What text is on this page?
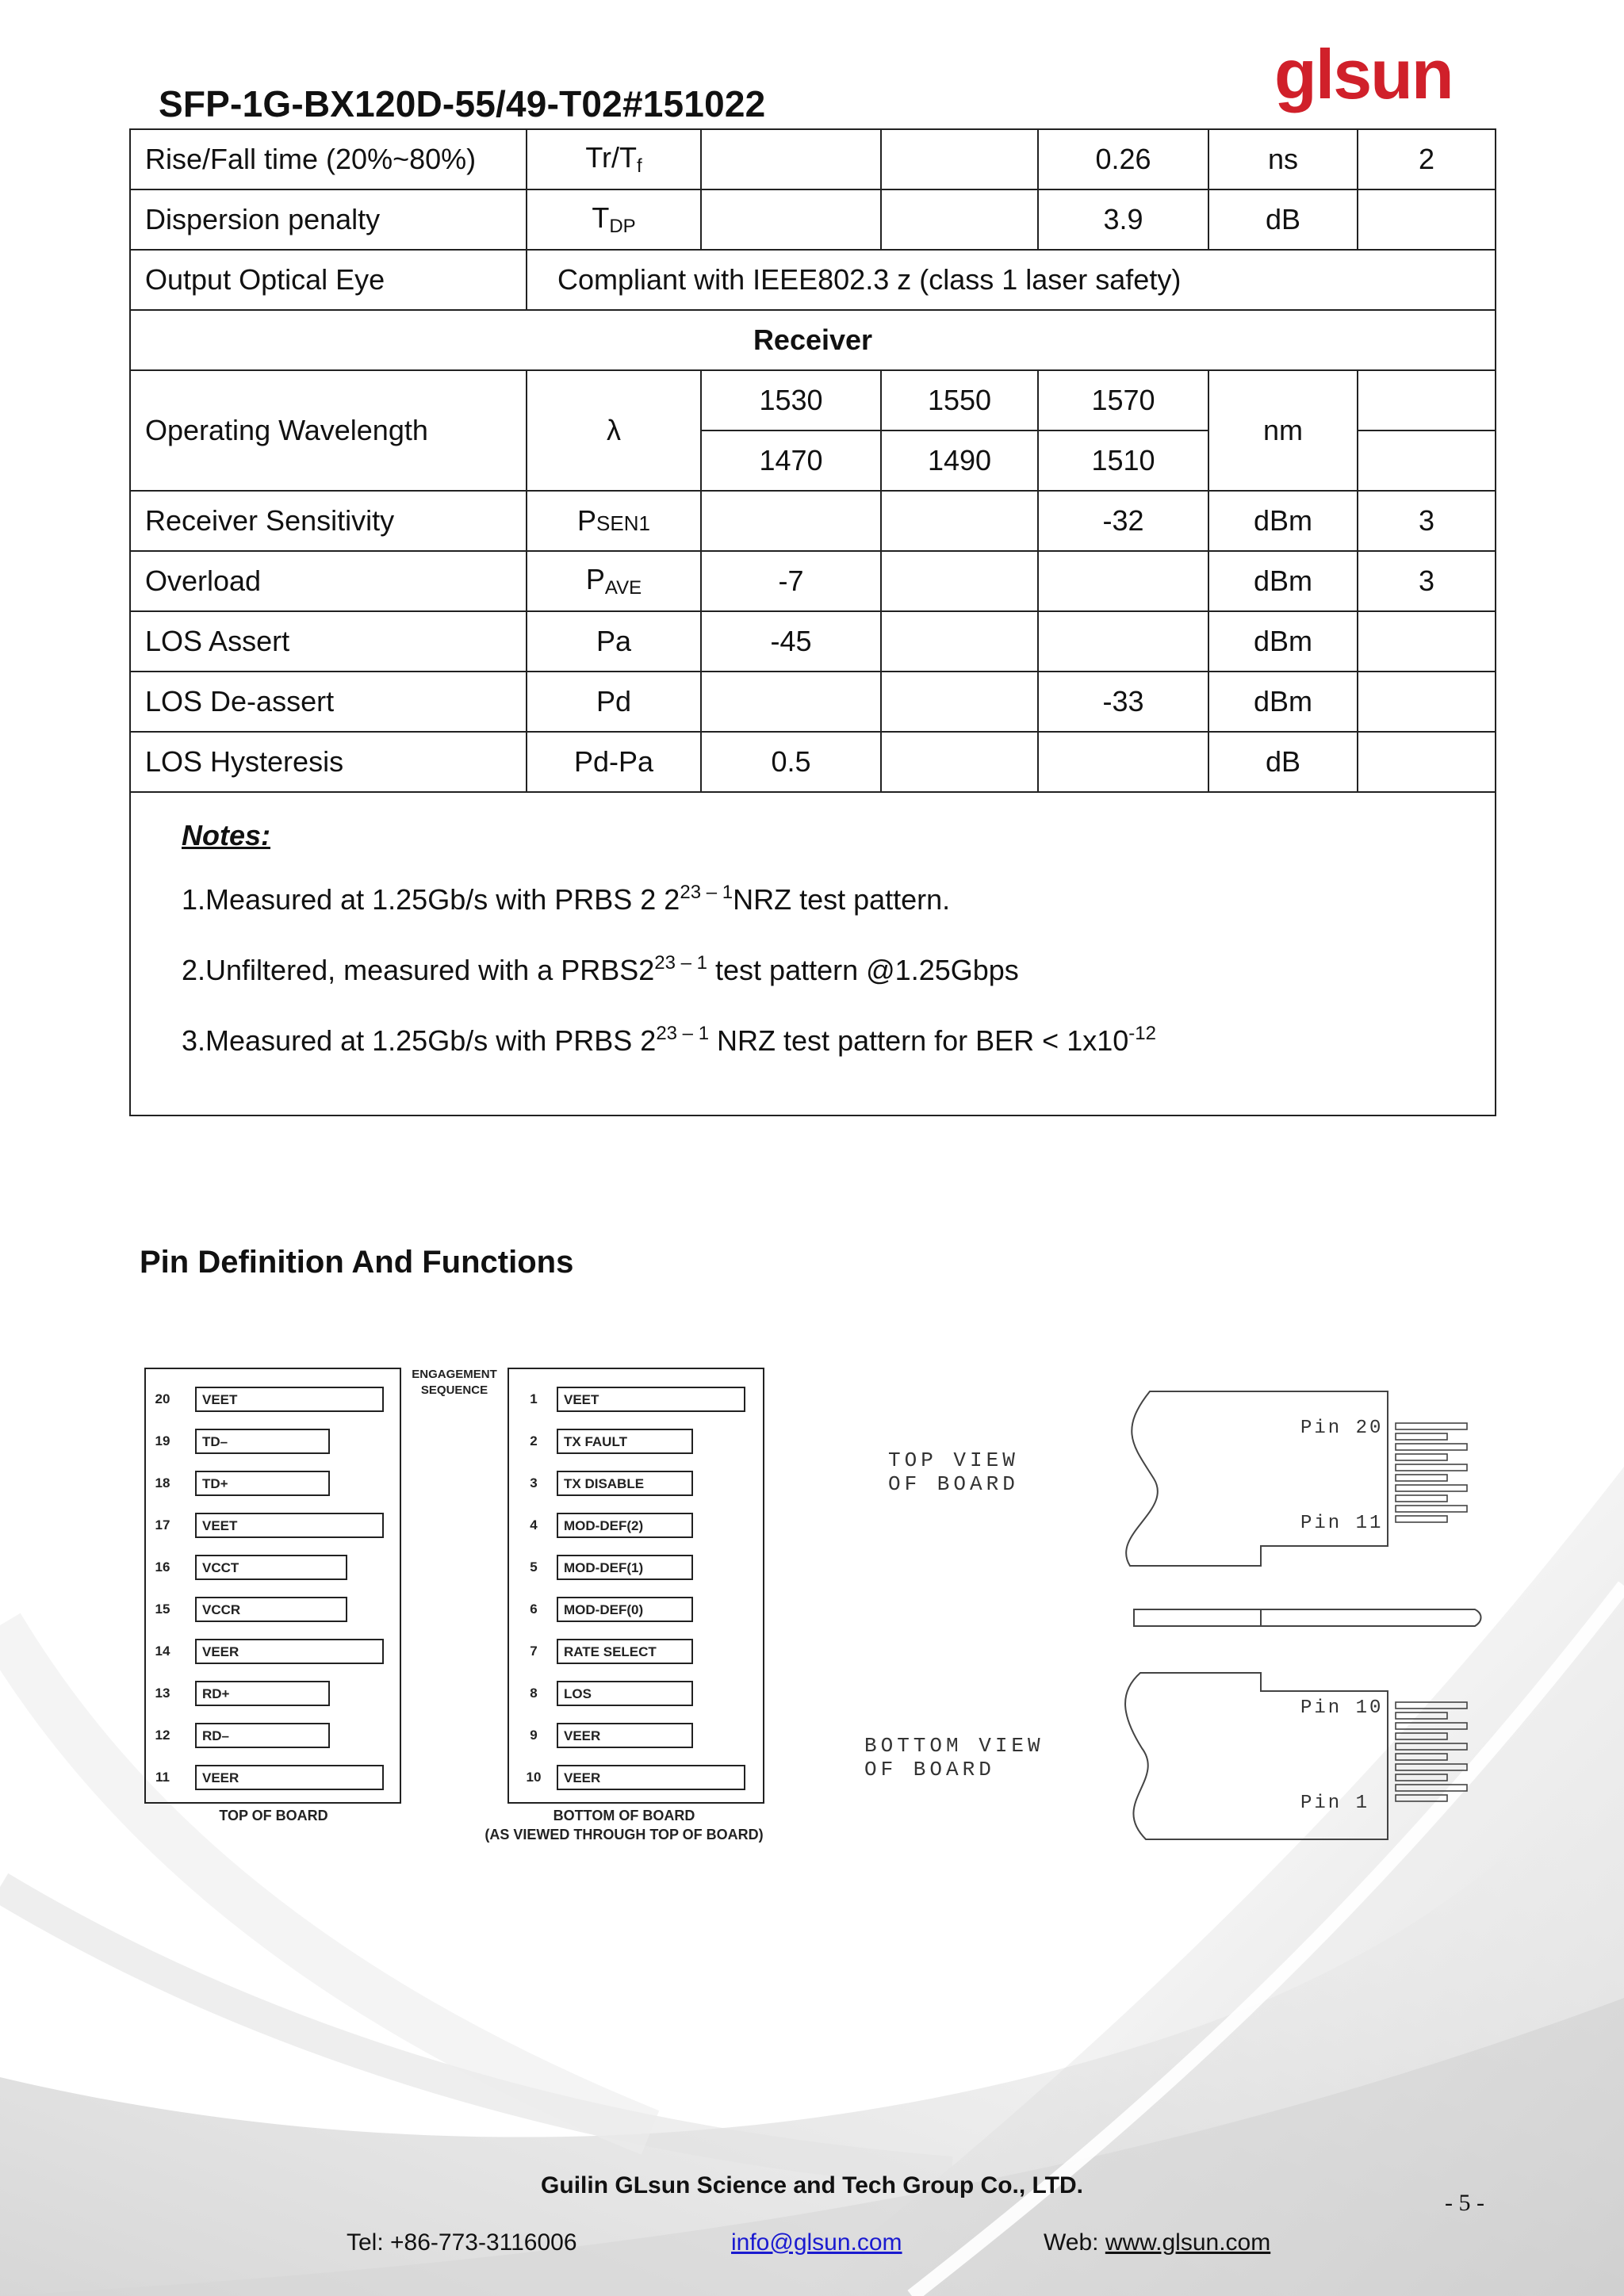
SFP-1G-BX120D-55/49-T02#151022	glsun
Rise/Fall time (20%~80%)	$Tr/T_f$			0.26	ns	2
Dispersion penalty	$T_{DP}$			3.9	dB	
Output Optical Eye	Compliant with IEEE802.3 z (class 1 laser safety)					
Receiver						
Operating Wavelength	λ	1530	1550	1570	nm	
		1470	1490	1510		
Receiver Sensitivity	PSEN1			-32	dBm	3
Overload	$P_{AVE}$	-7			dBm	3
LOS Assert	Pa	-45			dBm	
LOS De-assert	Pd			-33	dBm	
LOS Hysteresis	Pd-Pa	0.5			dB	

Notes:
1.Measured at 1.25Gb/s with PRBS 2 2$^{23 - 1}$NRZ test pattern.
2.Unfiltered, measured with a PRBS2$^{23 - 1}$ test pattern @1.25Gbps
3.Measured at 1.25Gb/s with PRBS 2$^{23 - 1}$ NRZ test pattern for BER < $1x10^{-12}$
Pin Definition And Functions
ENGAGEMENT
SEQUENCE
20 VEET
19 TD–
18 TD+
17 VEET
16 VCCT
15 VCCR
14 VEER
13 RD+
12 RD–
11 VEER
1 VEET
2 TX FAULT
3 TX DISABLE
4 MOD-DEF(2)
5 MOD-DEF(1)
6 MOD-DEF(0)
7 RATE SELECT
8 LOS
9 VEER
10 VEER
TOP OF BOARD	BOTTOM OF BOARD
(AS VIEWED THROUGH TOP OF BOARD)
TOP VIEW
OF BOARD
BOTTOM VIEW
OF BOARD
Pin 20
Pin 11
Pin 10
Pin 1
Guilin GLsun Science and Tech Group Co., LTD.
- 5 -
Tel: +86-773-3116006	info@glsun.com	Web: www.glsun.com
